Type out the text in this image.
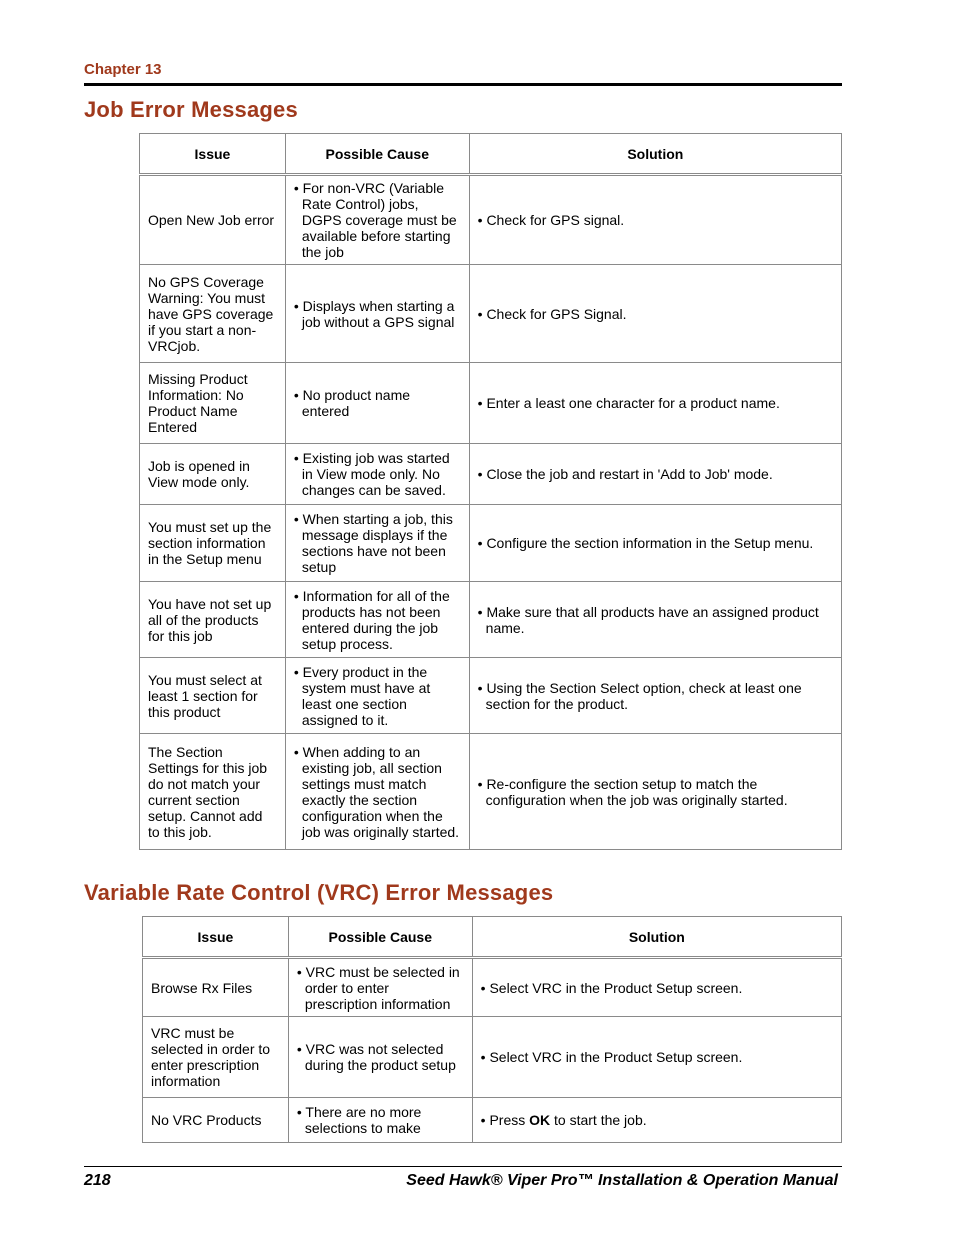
Chapter 13
Job Error Messages
Issue	Possible Cause	Solution
Open New Job error	• For non-VRC (Variable Rate Control) jobs, DGPS coverage must be available before starting the job	• Check for GPS signal.

No GPS Coverage Warning: You must have GPS coverage if you start a non-VRCjob.	• Displays when starting a job without a GPS signal	• Check for GPS Signal.

Missing Product Information: No Product Name Entered	• No product name entered	• Enter a least one character for a product name.

Job is opened in View mode only.	• Existing job was started in View mode only. No changes can be saved.	• Close the job and restart in 'Add to Job' mode.

You must set up the section information in the Setup menu	• When starting a job, this message displays if the sections have not been setup	• Configure the section information in the Setup menu.

You have not set up all of the products for this job	• Information for all of the products has not been entered during the job setup process.	• Make sure that all products have an assigned product name.

You must select at least 1 section for this product	• Every product in the system must have at least one section assigned to it.	• Using the Section Select option, check at least one section for the product.

The Section Settings for this job do not match your current section setup. Cannot add to this job.	• When adding to an existing job, all section settings must match exactly the section configuration when the job was originally started.	• Re-configure the section setup to match the configuration when the job was originally started.
Variable Rate Control (VRC) Error Messages
Issue	Possible Cause	Solution
Browse Rx Files	• VRC must be selected in order to enter prescription information	• Select VRC in the Product Setup screen.

VRC must be selected in order to enter prescription information	• VRC was not selected during the product setup	• Select VRC in the Product Setup screen.

No VRC Products	• There are no more selections to make	• Press OK to start the job.
218	Seed Hawk® Viper Pro™ Installation & Operation Manual
